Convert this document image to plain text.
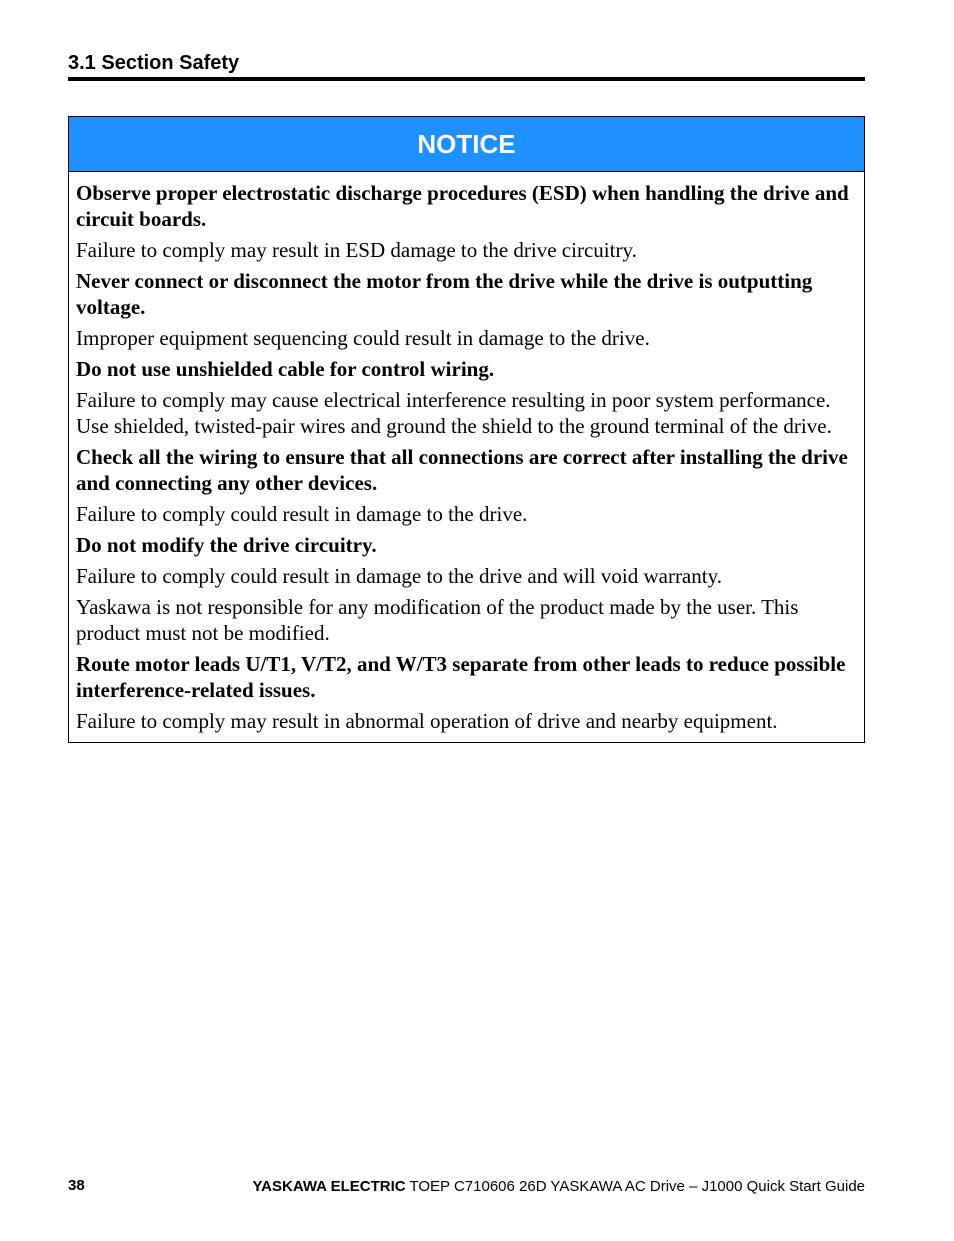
3.1 Section Safety
NOTICE

Observe proper electrostatic discharge procedures (ESD) when handling the drive and circuit boards.

Failure to comply may result in ESD damage to the drive circuitry.

Never connect or disconnect the motor from the drive while the drive is outputting voltage.

Improper equipment sequencing could result in damage to the drive.

Do not use unshielded cable for control wiring.

Failure to comply may cause electrical interference resulting in poor system performance. Use shielded, twisted-pair wires and ground the shield to the ground terminal of the drive.

Check all the wiring to ensure that all connections are correct after installing the drive and connecting any other devices.

Failure to comply could result in damage to the drive.

Do not modify the drive circuitry.

Failure to comply could result in damage to the drive and will void warranty.

Yaskawa is not responsible for any modification of the product made by the user. This product must not be modified.

Route motor leads U/T1, V/T2, and W/T3 separate from other leads to reduce possible interference-related issues.

Failure to comply may result in abnormal operation of drive and nearby equipment.

38	YASKAWA ELECTRIC TOEP C710606 26D YASKAWA AC Drive – J1000 Quick Start Guide
